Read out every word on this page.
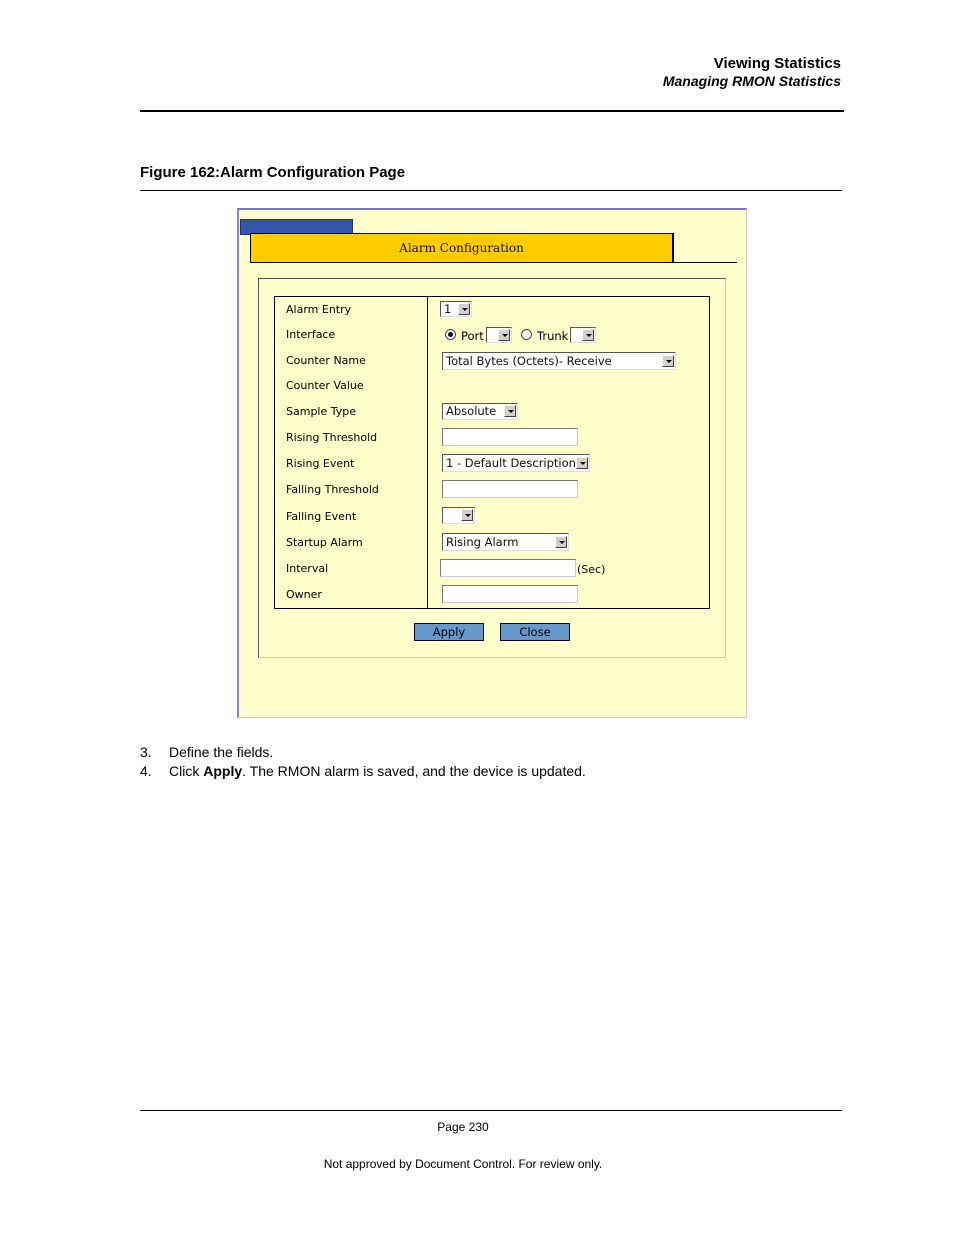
Viewing Statistics
Managing RMON Statistics
Figure 162:Alarm Configuration Page
Alarm Configuration
Alarm Entry
Interface
Counter Name
Counter Value
Sample Type
Rising Threshold
Rising Event
Falling Threshold
Falling Event
Startup Alarm
Interval
Owner
1
Port	Trunk
Total Bytes (Octets)- Receive
Absolute
1 - Default Description
Rising Alarm
(Sec)
Apply	Close
3. Define the fields.
4. Click Apply. The RMON alarm is saved, and the device is updated.
Page 230
Not approved by Document Control. For review only.
